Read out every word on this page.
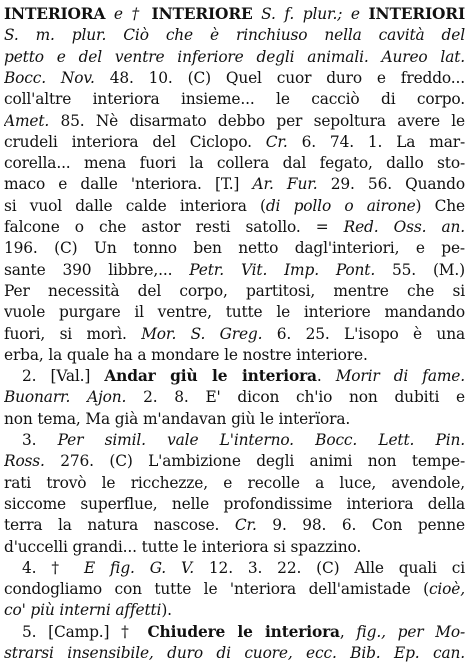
INTERIORA e † INTERIORE S. f. plur.; e INTERIORI
S. m. plur. Ciò che è rinchiuso nella cavità del
petto e del ventre inferiore degli animali. Aureo lat.
Bocc. Nov. 48. 10. (C) Quel cuor duro e freddo...
coll'altre interiora insieme... le cacciò di corpo.
Amet. 85. Nè disarmato debbo per sepoltura avere le
crudeli interiora del Ciclopo. Cr. 6. 74. 1. La mar-
corella... mena fuori la collera dal fegato, dallo sto-
maco e dalle 'nteriora. [T.] Ar. Fur. 29. 56. Quando
si vuol dalle calde interiora (di pollo o airone) Che
falcone o che astor resti satollo. = Red. Oss. an.
196. (C) Un tonno ben netto dagl'interiori, e pe-
sante 390 libbre,... Petr. Vit. Imp. Pont. 55. (M.)
Per necessità del corpo, partitosi, mentre che si
vuole purgare il ventre, tutte le interiore mandando
fuori, si morì. Mor. S. Greg. 6. 25. L'isopo è una
erba, la quale ha a mondare le nostre interiore.
2. [Val.] Andar giù le interiora. Morir di fame.
Buonarr. Ajon. 2. 8. E' dicon ch'io non dubiti e
non tema, Ma già m'andavan giù le interïora.
3. Per simil. vale L'interno. Bocc. Lett. Pin.
Ross. 276. (C) L'ambizione degli animi non tempe-
rati trovò le ricchezze, e recolle a luce, avendole,
siccome superflue, nelle profondissime interiora della
terra la natura nascose. Cr. 9. 98. 6. Con penne
d'uccelli grandi... tutte le interiora si spazzino.
4. † E fig. G. V. 12. 3. 22. (C) Alle quali ci
condogliamo con tutte le 'nteriora dell'amistade (cioè,
co' più interni affetti).
5. [Camp.] † Chiudere le interiora, fig., per Mo-
strarsi insensibile, duro di cuore, ecc. Bib. Ep. can.
